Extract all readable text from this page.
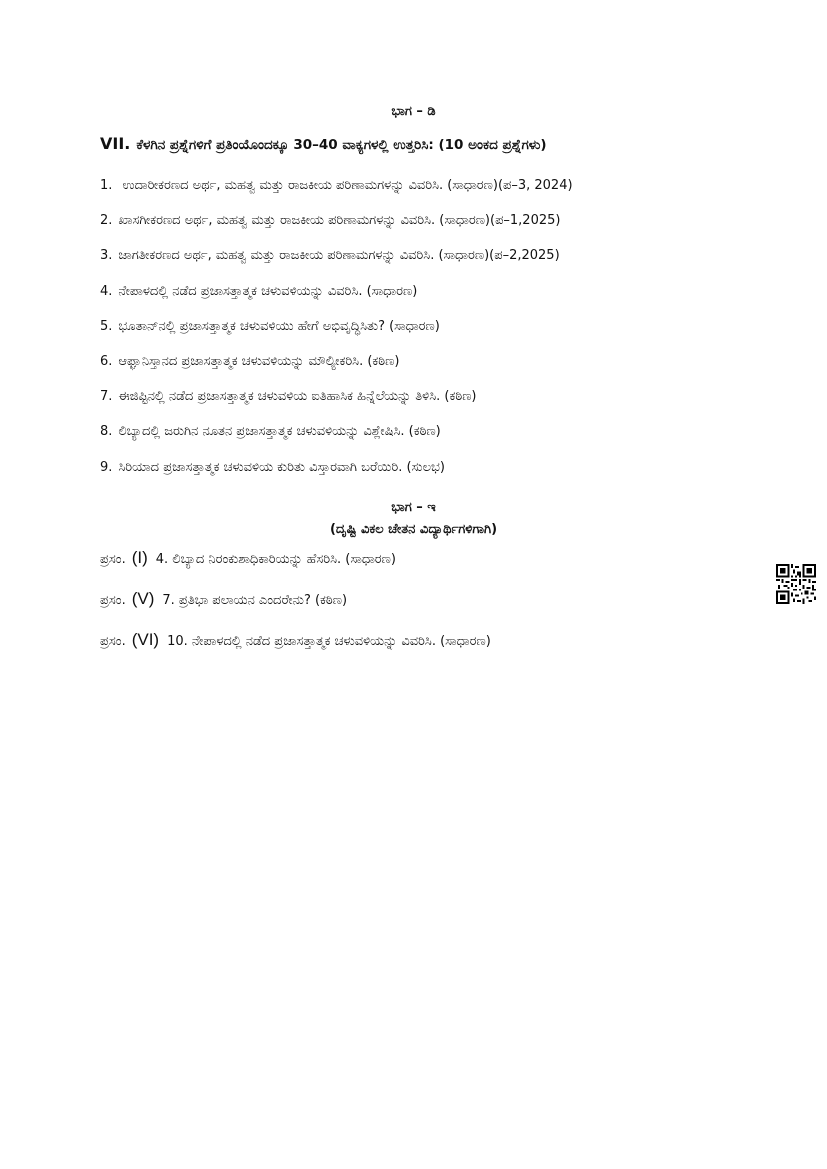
ಭಾಗ – ಡಿ
VII. ಕೆಳಗಿನ ಪ್ರಶ್ನೆಗಳಿಗೆ ಪ್ರತಿಂಯೊಂದಕ್ಕೂ 30–40 ವಾಕ್ಯಗಳಲ್ಲಿ ಉತ್ತರಿಸಿ: (10 ಅಂಕದ ಪ್ರಶ್ನೆಗಳು)
1. ಉದಾರೀಕರಣದ ಅರ್ಥ, ಮಹತ್ವ ಮತ್ತು ರಾಜಕೀಯ ಪರಿಣಾಮಗಳನ್ನು ವಿವರಿಸಿ. (ಸಾಧಾರಣ)(ಪ–3, 2024)
2. ಖಾಸಗೀಕರಣದ ಅರ್ಥ, ಮಹತ್ವ ಮತ್ತು ರಾಜಕೀಯ ಪರಿಣಾಮಗಳನ್ನು ವಿವರಿಸಿ. (ಸಾಧಾರಣ)(ಪ–1,2025)
3. ಜಾಗತೀಕರಣದ ಅರ್ಥ, ಮಹತ್ವ ಮತ್ತು ರಾಜಕೀಯ ಪರಿಣಾಮಗಳನ್ನು ವಿವರಿಸಿ. (ಸಾಧಾರಣ)(ಪ–2,2025)
4. ನೇಪಾಳದಲ್ಲಿ ನಡೆದ ಪ್ರಜಾಸತ್ತಾತ್ಮಕ ಚಳುವಳಿಯನ್ನು ವಿವರಿಸಿ. (ಸಾಧಾರಣ)
5. ಭೂತಾನ್‌ನಲ್ಲಿ ಪ್ರಜಾಸತ್ತಾತ್ಮಕ ಚಳುವಳಿಯು ಹೇಗೆ ಅಭಿವೃದ್ಧಿಸಿತು? (ಸಾಧಾರಣ)
6. ಆಫ್ಘಾನಿಸ್ತಾನದ ಪ್ರಜಾಸತ್ತಾತ್ಮಕ ಚಳುವಳಿಯನ್ನು ಮೌಲ್ಯೀಕರಿಸಿ. (ಕಠಿಣ)
7. ಈಜಿಪ್ಟಿನಲ್ಲಿ ನಡೆದ ಪ್ರಜಾಸತ್ತಾತ್ಮಕ ಚಳುವಳಿಯ ಐತಿಹಾಸಿಕ ಹಿನ್ನೆಲೆಯನ್ನು ತಿಳಿಸಿ. (ಕಠಿಣ)
8. ಲಿಬ್ಯಾದಲ್ಲಿ ಜರುಗಿನ ನೂತನ ಪ್ರಜಾಸತ್ತಾತ್ಮಕ ಚಳುವಳಿಯನ್ನು ವಿಶ್ಲೇಷಿಸಿ. (ಕಠಿಣ)
9. ಸಿರಿಯಾದ ಪ್ರಜಾಸತ್ತಾತ್ಮಕ ಚಳುವಳಿಯ ಕುರಿತು ವಿಸ್ತಾರವಾಗಿ ಬರೆಯಿರಿ. (ಸುಲಭ)
ಭಾಗ – ಇ
(ದೃಷ್ಟಿ ವಿಕಲ ಚೇತನ ವಿದ್ಯಾರ್ಥಿಗಳಿಗಾಗಿ)
ಪ್ರಸಂ. (I) 4. ಲಿಬ್ಯಾದ ನಿರಂಕುಶಾಧಿಕಾರಿಯನ್ನು ಹೆಸರಿಸಿ. (ಸಾಧಾರಣ)
ಪ್ರಸಂ. (V) 7. ಪ್ರತಿಭಾ ಪಲಾಯನ ಎಂದರೇನು? (ಕಠಿಣ)
ಪ್ರಸಂ. (VI) 10. ನೇಪಾಳದಲ್ಲಿ ನಡೆದ ಪ್ರಜಾಸತ್ತಾತ್ಮಕ ಚಳುವಳಿಯನ್ನು ವಿವರಿಸಿ. (ಸಾಧಾರಣ)
